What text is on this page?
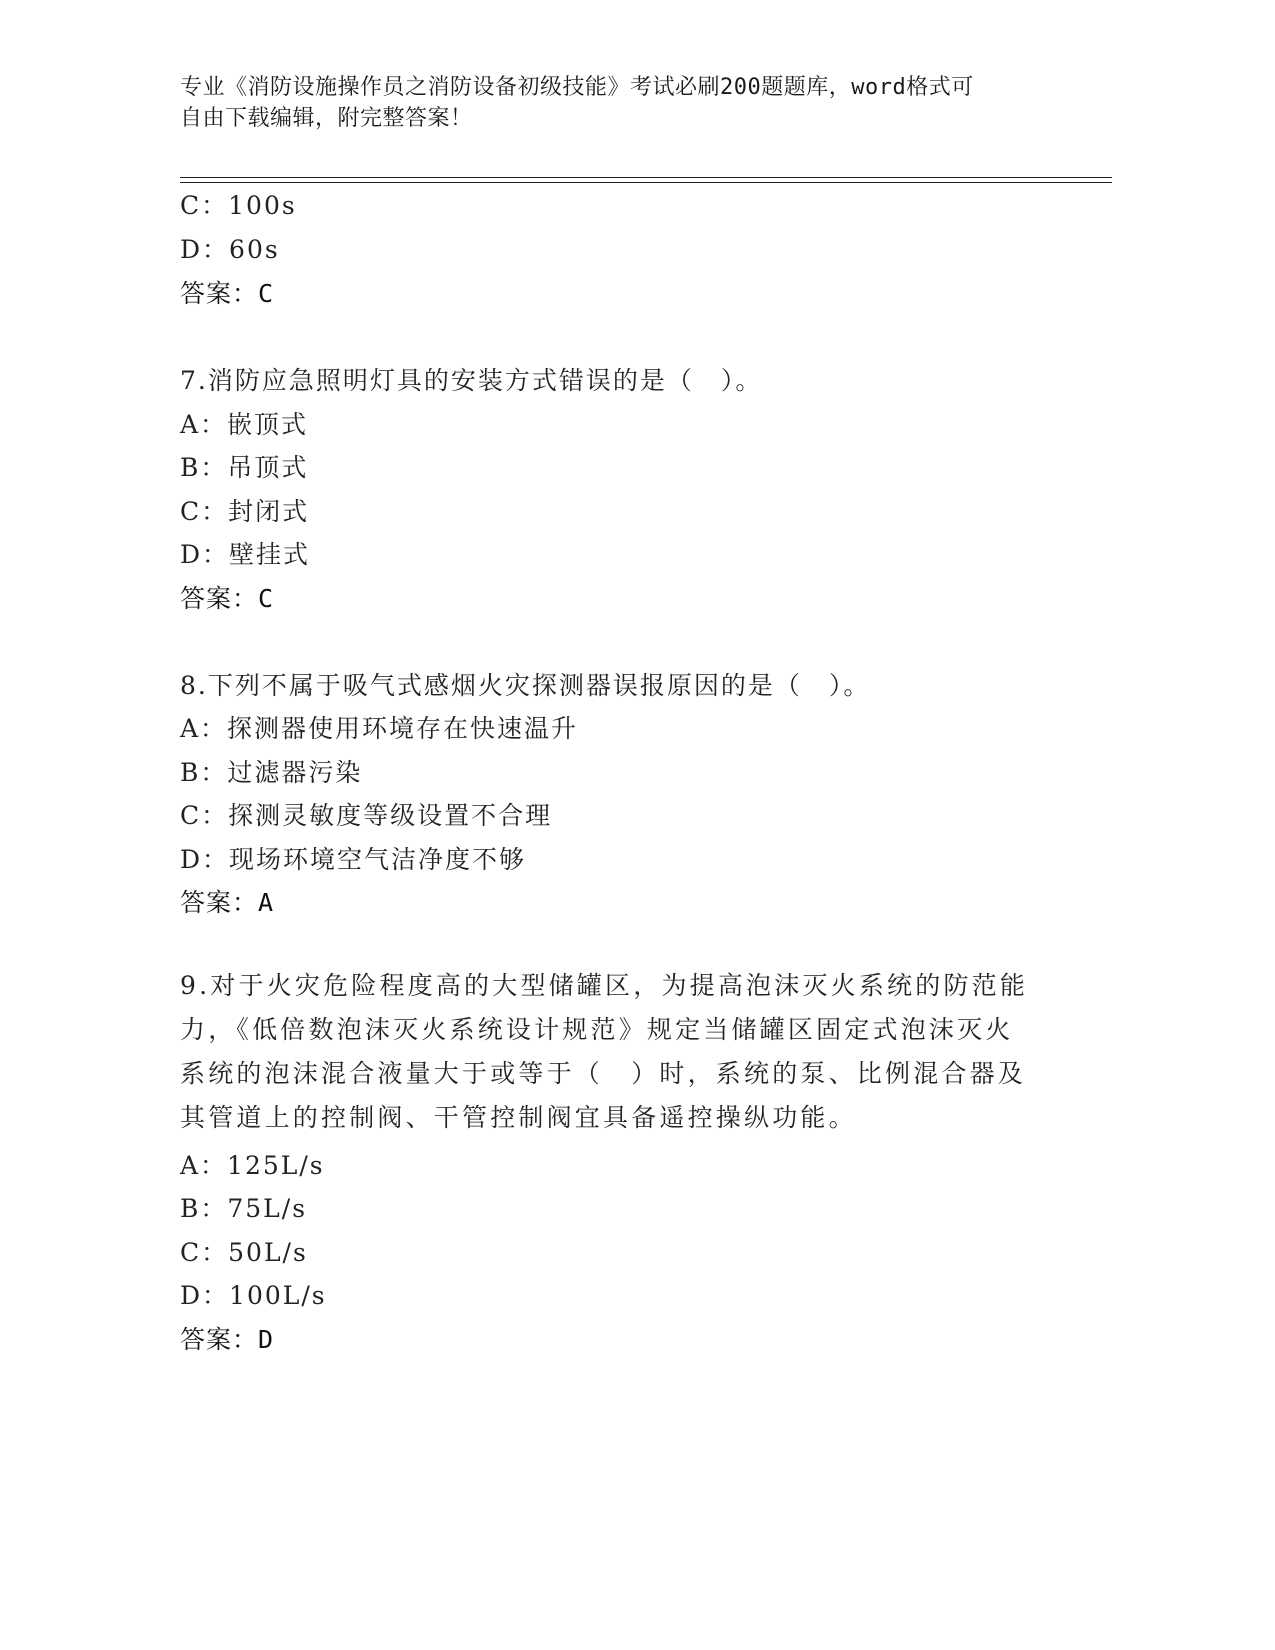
专业《消防设施操作员之消防设备初级技能》考试必刷200题题库，word格式可
自由下载编辑，附完整答案！
C：100s
D：60s
答案：C
7.消防应急照明灯具的安装方式错误的是（　）。
A：嵌顶式
B：吊顶式
C：封闭式
D：壁挂式
答案：C
8.下列不属于吸气式感烟火灾探测器误报原因的是（　）。
A：探测器使用环境存在快速温升
B：过滤器污染
C：探测灵敏度等级设置不合理
D：现场环境空气洁净度不够
答案：A
9.对于火灾危险程度高的大型储罐区，为提高泡沫灭火系统的防范能力，《低倍数泡沫灭火系统设计规范》规定当储罐区固定式泡沫灭火系统的泡沫混合液量大于或等于（　）时，系统的泵、比例混合器及其管道上的控制阀、干管控制阀宜具备遥控操纵功能。
A：125L/s
B：75L/s
C：50L/s
D：100L/s
答案：D
